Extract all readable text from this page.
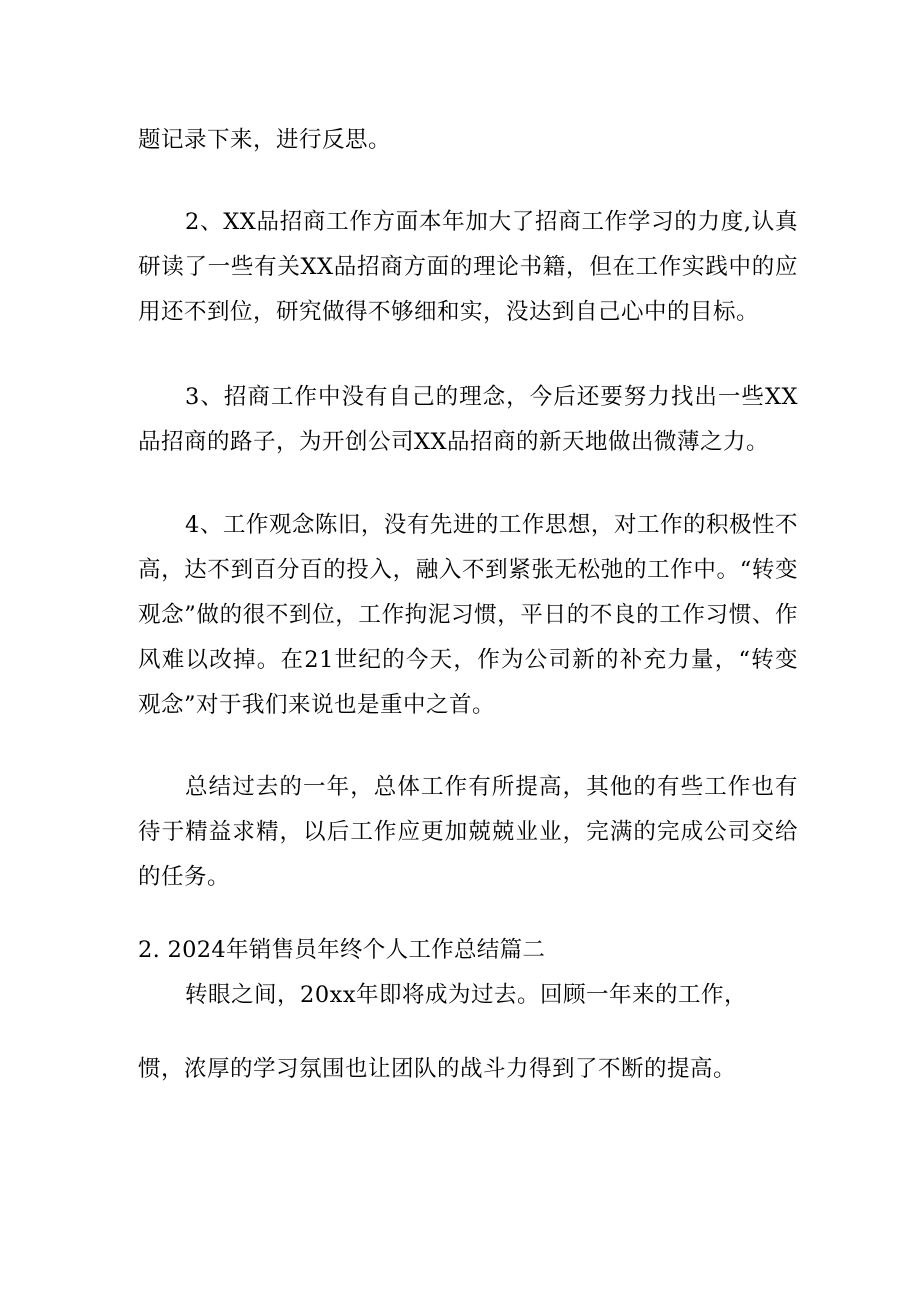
题记录下来，进行反思。

2、XX品招商工作方面本年加大了招商工作学习的力度,认真研读了一些有关XX品招商方面的理论书籍，但在工作实践中的应用还不到位，研究做得不够细和实，没达到自己心中的目标。

3、招商工作中没有自己的理念，今后还要努力找出一些XX品招商的路子，为开创公司XX品招商的新天地做出微薄之力。

4、工作观念陈旧，没有先进的工作思想，对工作的积极性不高，达不到百分百的投入，融入不到紧张无松弛的工作中。“转变观念”做的很不到位，工作拘泥习惯，平日的不良的工作习惯、作风难以改掉。在21世纪的今天，作为公司新的补充力量，“转变观念”对于我们来说也是重中之首。

总结过去的一年，总体工作有所提高，其他的有些工作也有待于精益求精，以后工作应更加兢兢业业，完满的完成公司交给的任务。

2. 2024年销售员年终个人工作总结篇二

转眼之间，20xx年即将成为过去。回顾一年来的工作，

惯，浓厚的学习氛围也让团队的战斗力得到了不断的提高。
